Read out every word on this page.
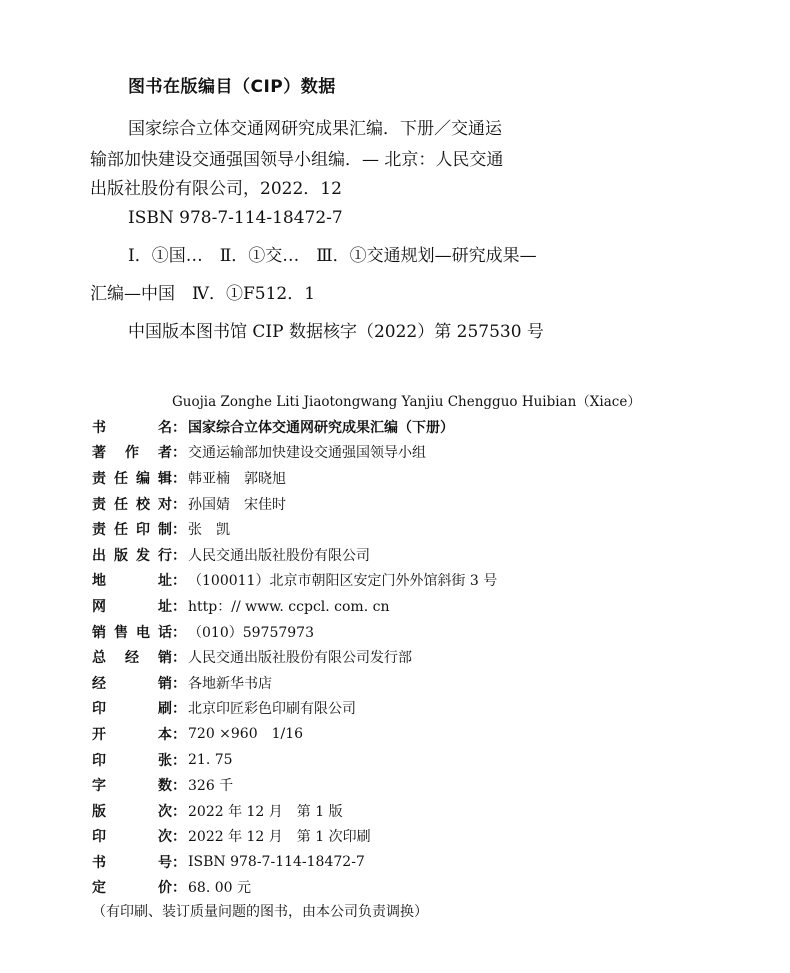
图书在版编目（CIP）数据

国家综合立体交通网研究成果汇编．下册／交通运

输部加快建设交通强国领导小组编．— 北京：人民交通

出版社股份有限公司，2022．12

ISBN 978-7-114-18472-7

Ⅰ．①国…　Ⅱ．①交…　Ⅲ．①交通规划—研究成果—

汇编—中国　Ⅳ．①F512．1

中国版本图书馆 CIP 数据核字（2022）第 257530 号

Guojia Zonghe Liti Jiaotongwang Yanjiu Chengguo Huibian（Xiace）

书	名 ： 国家综合立体交通网研究成果汇编（下册）
著 作 者 ： 交通运输部加快建设交通强国领导小组
责 任 编 辑 ： 韩亚楠 郭晓旭
责 任 校 对 ： 孙国婧 宋佳时
责 任 印 制 ： 张　凯
出 版 发 行 ： 人民交通出版社股份有限公司
地	址 ： （100011）北京市朝阳区安定门外外馆斜街 3 号
网	址 ： http：// www. ccpcl. com. cn
销 售 电 话 ： （010）59757973
总 经 销 ： 人民交通出版社股份有限公司发行部
经	销 ： 各地新华书店
印	刷 ： 北京印匠彩色印刷有限公司
开	本 ： 720 ×960 1/16
印	张 ： 21. 75
字	数 ： 326 千
版	次 ： 2022 年 12 月 第 1 版
印	次 ： 2022 年 12 月 第 1 次印刷
书	号 ： ISBN 978-7-114-18472-7
定	价 ： 68. 00 元

（有印刷、装订质量问题的图书，由本公司负责调换）
